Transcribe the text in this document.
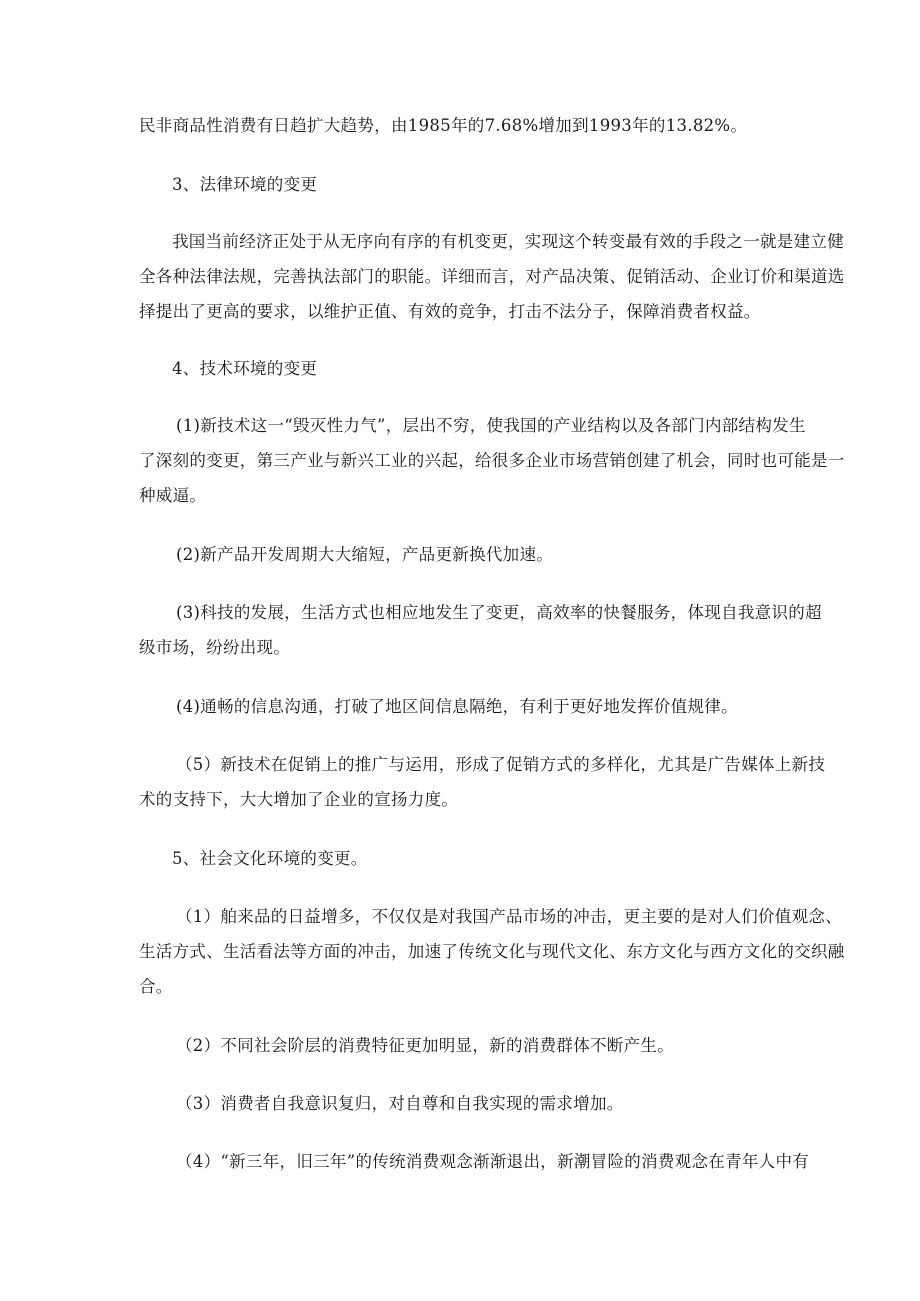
民非商品性消费有日趋扩大趋势，由1985年的7.68%增加到1993年的13.82%。
3、法律环境的变更
我国当前经济正处于从无序向有序的有机变更，实现这个转变最有效的手段之一就是建立健
全各种法律法规，完善执法部门的职能。详细而言，对产品决策、促销活动、企业订价和渠道选
择提出了更高的要求，以维护正值、有效的竞争，打击不法分子，保障消费者权益。
4、技术环境的变更
(1)新技术这一“毁灭性力气”，层出不穷，使我国的产业结构以及各部门内部结构发生
了深刻的变更，第三产业与新兴工业的兴起，给很多企业市场营销创建了机会，同时也可能是一
种威逼。
(2)新产品开发周期大大缩短，产品更新换代加速。
(3)科技的发展，生活方式也相应地发生了变更，高效率的快餐服务，体现自我意识的超
级市场，纷纷出现。
(4)通畅的信息沟通，打破了地区间信息隔绝，有利于更好地发挥价值规律。
（5）新技术在促销上的推广与运用，形成了促销方式的多样化，尤其是广告媒体上新技
术的支持下，大大增加了企业的宣扬力度。
5、社会文化环境的变更。
（1）舶来品的日益增多，不仅仅是对我国产品市场的冲击，更主要的是对人们价值观念、
生活方式、生活看法等方面的冲击，加速了传统文化与现代文化、东方文化与西方文化的交织融
合。
（2）不同社会阶层的消费特征更加明显，新的消费群体不断产生。
（3）消费者自我意识复归，对自尊和自我实现的需求增加。
（4）“新三年，旧三年”的传统消费观念渐渐退出，新潮冒险的消费观念在青年人中有
